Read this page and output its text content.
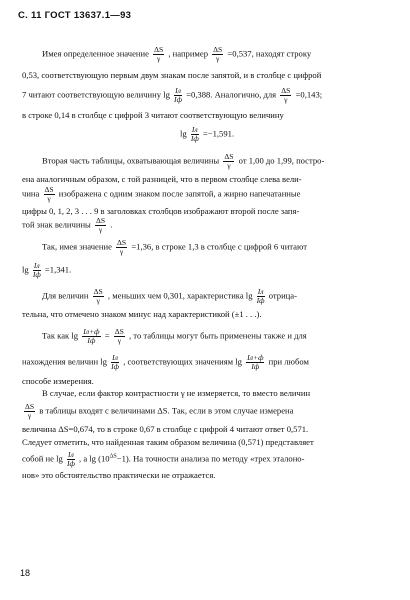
С. 11 ГОСТ 13637.1—93
Имея определенное значение $\frac{\Delta S}{\gamma}$ , например $\frac{\Delta S}{\gamma} =0,537$, находят строку
0,53, соответствующую первым двум знакам после запятой, и в столбце с цифрой
7 читают соответствующую величину $\lg \frac{Iл}{Iф} =0,388$. Аналогично, для $\frac{\Delta S}{\gamma} =0,143$;
в строке 0,14 в столбце с цифрой 3 читают соответствующую величину
$\lg \frac{Iл}{Iф} =-1,591$.
Вторая часть таблицы, охватывающая величины $\frac{\Delta S}{\gamma}$ от 1,00 до 1,99, постро-
ена аналогичным образом, с той разницей, что в первом столбце слева вели-
чина $\frac{\Delta S}{\gamma}$ изображена с одним знаком после запятой, а жирно напечатанные
цифры 0, 1, 2, 3 . . . 9 в заголовках столбцов изображают второй после запя-
той знак величины $\frac{\Delta S}{\gamma}$ .
Так, имея значение $\frac{\Delta S}{\gamma} =1,36$, в строке 1,3 в столбце с цифрой 6 читают
$\lg \frac{Iл}{Iф} =1,341$.
Для величин $\frac{\Delta S}{\gamma}$ , меньших чем 0,301, характеристика $\lg \frac{Iл}{Iф}$ отрица-
тельна, что отмечено знаком минус над характеристикой (±1 . . .).
Так как $\lg \frac{Iл+ф}{Iф} = \frac{\Delta S}{\gamma}$ , то таблицы могут быть применены также и для
нахождения величин $\lg \frac{Iл}{Iф}$ , соответствующих значениям $\lg \frac{Iл+ф}{Iф}$ при любом
способе измерения.
В случае, если фактор контрастности γ не измеряется, то вместо величин
$\frac{\Delta S}{\gamma}$ в таблицы входят с величинами ΔS. Так, если в этом случае измерена
величина ΔS=0,674, то в строке 0,67 в столбце с цифрой 4 читают ответ 0,571.
Следует отметить, что найденная таким образом величина (0,571) представляет
собой не $\lg \frac{Iл}{Iф}$ , а $\lg (10^{\Delta S}-1)$. На точности анализа по методу «трех эталоно-
нов» это обстоятельство практически не отражается.
18
